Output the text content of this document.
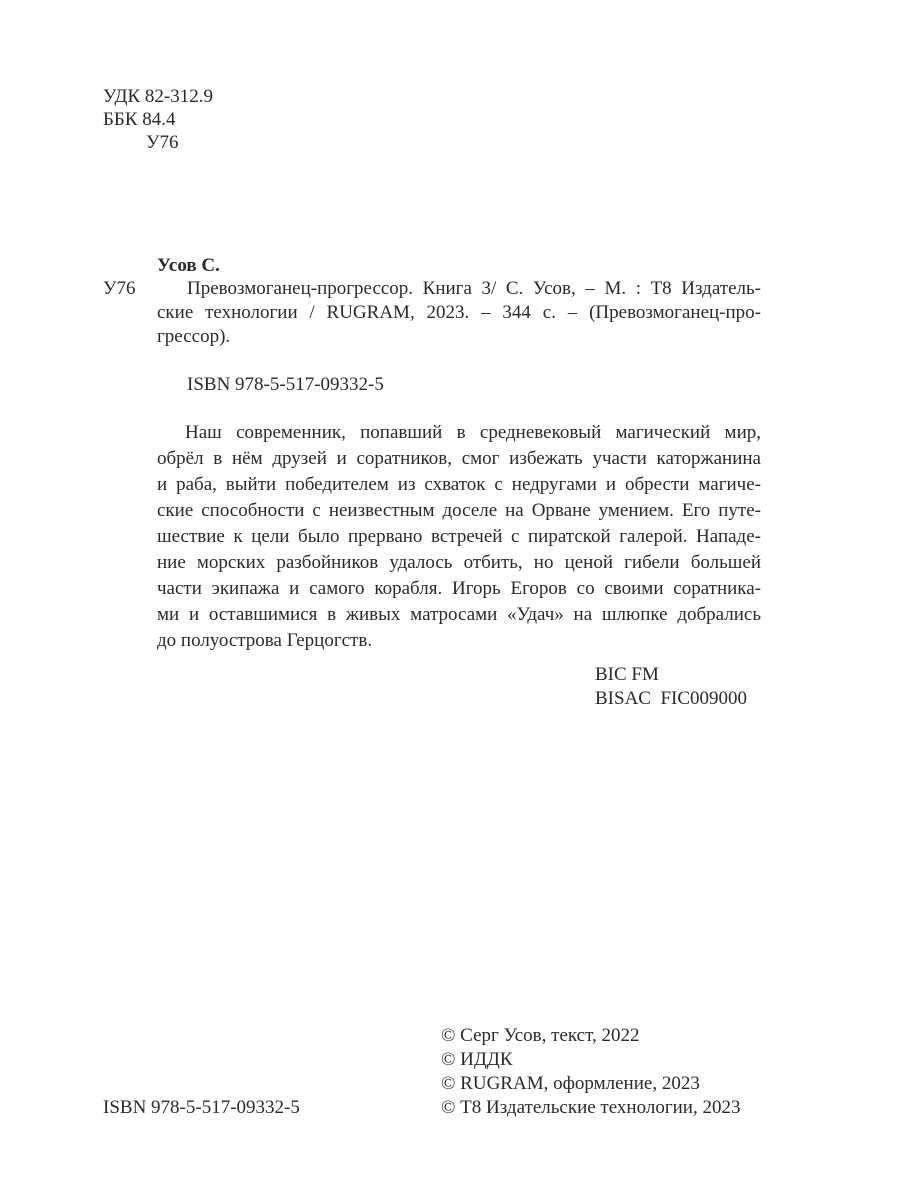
УДК 82-312.9
ББК 84.4
У76
Усов С.
У76	Превозмоганец-прогрессор. Книга 3/ С. Усов, – М. : Т8 Издатель-
ские технологии / RUGRAM, 2023. – 344 с. – (Превозмоганец-про-
грессор).
ISBN 978-5-517-09332-5
Наш современник, попавший в средневековый магический мир,
обрёл в нём друзей и соратников, смог избежать участи каторжанина
и раба, выйти победителем из схваток с недругами и обрести магиче-
ские способности с неизвестным доселе на Орване умением. Его путе-
шествие к цели было прервано встречей с пиратской галерой. Нападе-
ние морских разбойников удалось отбить, но ценой гибели большей
части экипажа и самого корабля. Игорь Егоров со своими соратника-
ми и оставшимися в живых матросами «Удач» на шлюпке добрались
до полуострова Герцогств.
BIC FM
BISAC  FIC009000
© Серг Усов, текст, 2022
© ИДДК
© RUGRAM, оформление, 2023
© Т8 Издательские технологии, 2023
ISBN 978-5-517-09332-5
